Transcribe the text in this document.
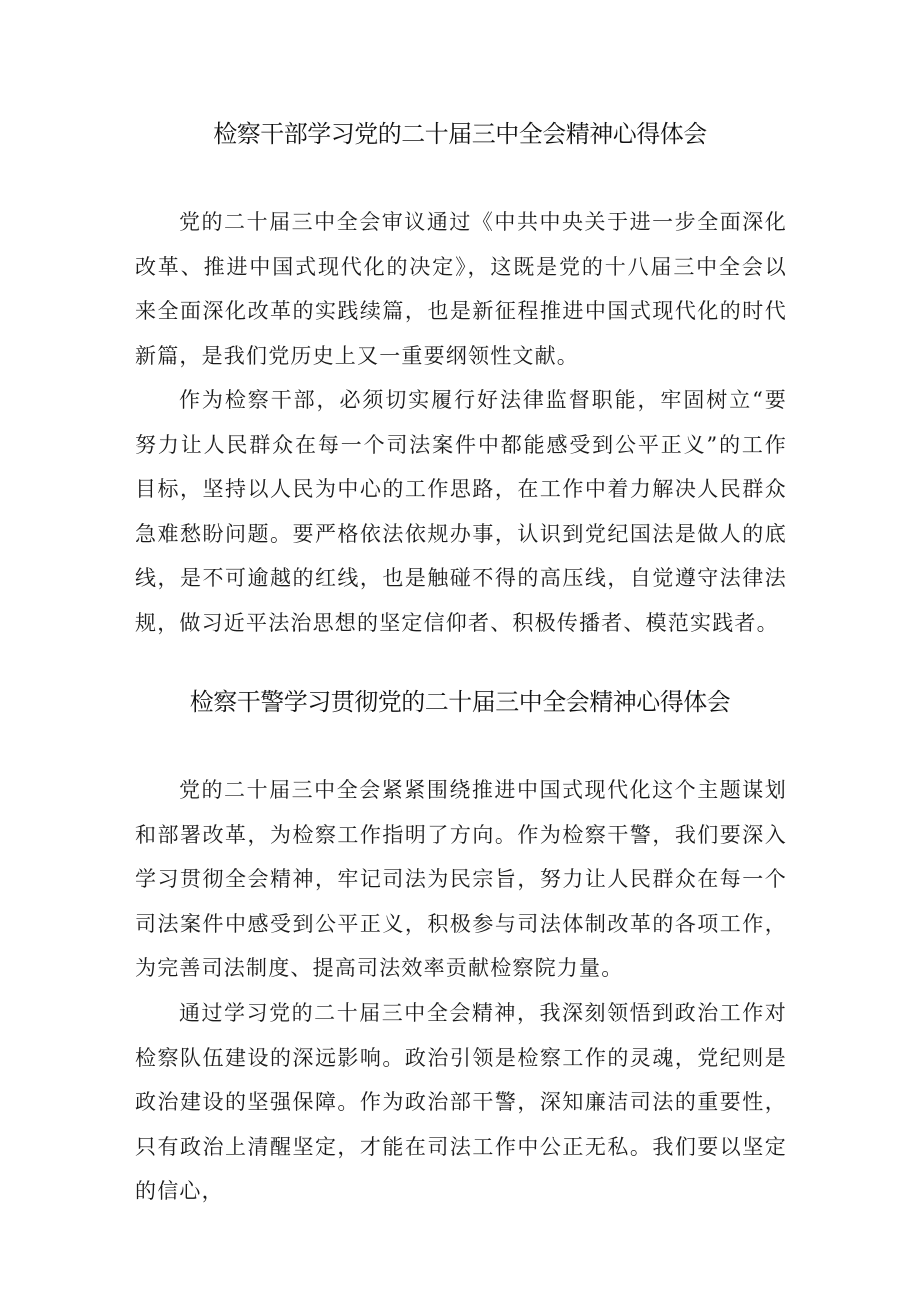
检察干部学习党的二十届三中全会精神心得体会

党的二十届三中全会审议通过《中共中央关于进一步全面深化改革、推进中国式现代化的决定》，这既是党的十八届三中全会以来全面深化改革的实践续篇，也是新征程推进中国式现代化的时代新篇，是我们党历史上又一重要纲领性文献。

作为检察干部，必须切实履行好法律监督职能，牢固树立“要努力让人民群众在每一个司法案件中都能感受到公平正义”的工作目标，坚持以人民为中心的工作思路，在工作中着力解决人民群众急难愁盼问题。要严格依法依规办事，认识到党纪国法是做人的底线，是不可逾越的红线，也是触碰不得的高压线，自觉遵守法律法规，做习近平法治思想的坚定信仰者、积极传播者、模范实践者。

检察干警学习贯彻党的二十届三中全会精神心得体会

党的二十届三中全会紧紧围绕推进中国式现代化这个主题谋划和部署改革，为检察工作指明了方向。作为检察干警，我们要深入学习贯彻全会精神，牢记司法为民宗旨，努力让人民群众在每一个司法案件中感受到公平正义，积极参与司法体制改革的各项工作，为完善司法制度、提高司法效率贡献检察院力量。

通过学习党的二十届三中全会精神，我深刻领悟到政治工作对检察队伍建设的深远影响。政治引领是检察工作的灵魂，党纪则是政治建设的坚强保障。作为政治部干警，深知廉洁司法的重要性，只有政治上清醒坚定，才能在司法工作中公正无私。我们要以坚定的信心，
